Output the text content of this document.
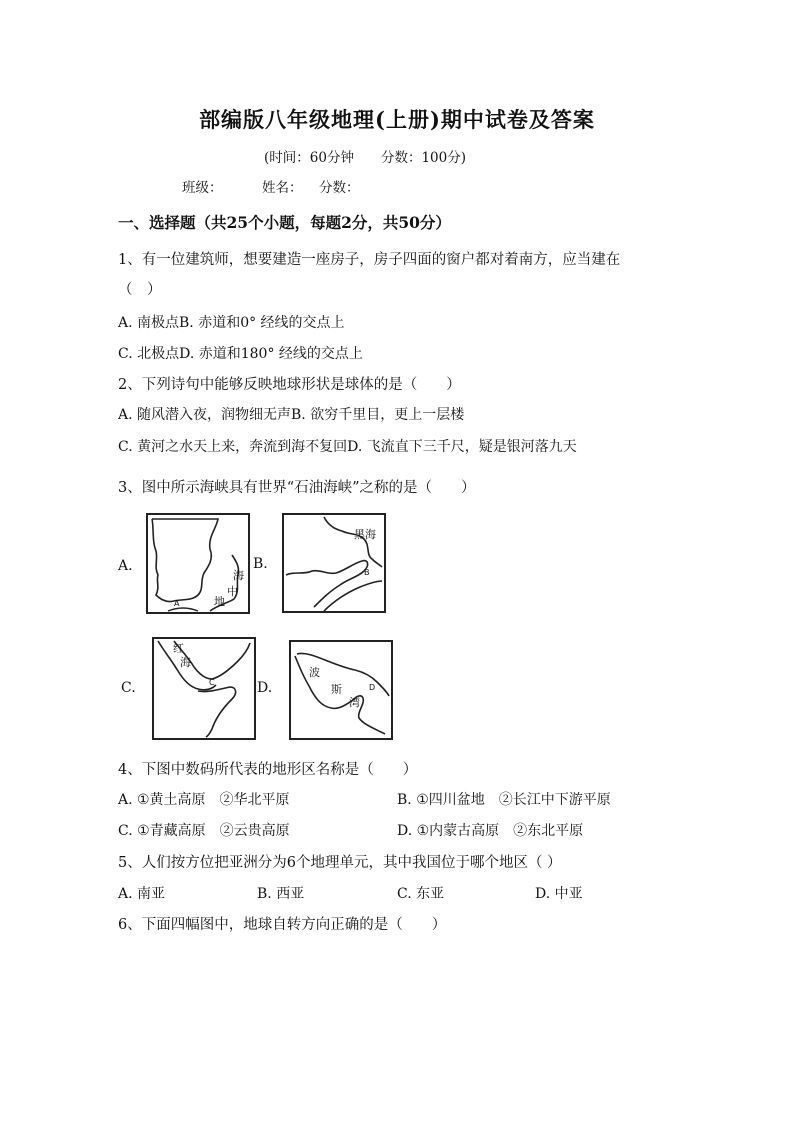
部编版八年级地理(上册)期中试卷及答案
(时间：60分钟　　分数：100分)
班级：	姓名： 分数：
一、选择题（共25个小题，每题2分，共50分）
1、有一位建筑师，想要建造一座房子，房子四面的窗户都对着南方，应当建在
（　）
A. 南极点B. 赤道和0° 经线的交点上
C. 北极点D. 赤道和180° 经线的交点上
2、下列诗句中能够反映地球形状是球体的是（　　）
A. 随风潜入夜，润物细无声B. 欲穷千里目，更上一层楼
C. 黄河之水天上来，奔流到海不复回D. 飞流直下三千尺，疑是银河落九天
3、图中所示海峡具有世界“石油海峡”之称的是（　　）
A.	B.
C.	D.
海
中
地
A
黑海
B
红
海
C
波
斯
湾
D
4、下图中数码所代表的地形区名称是（　　）
A. ①黄土高原　②华北平原	B. ①四川盆地　②长江中下游平原
C. ①青藏高原　②云贵高原	D. ①内蒙古高原　②东北平原
5、人们按方位把亚洲分为6个地理单元，其中我国位于哪个地区（ ）
A. 南亚	B. 西亚	C. 东亚	D. 中亚
6、下面四幅图中，地球自转方向正确的是（　　）
